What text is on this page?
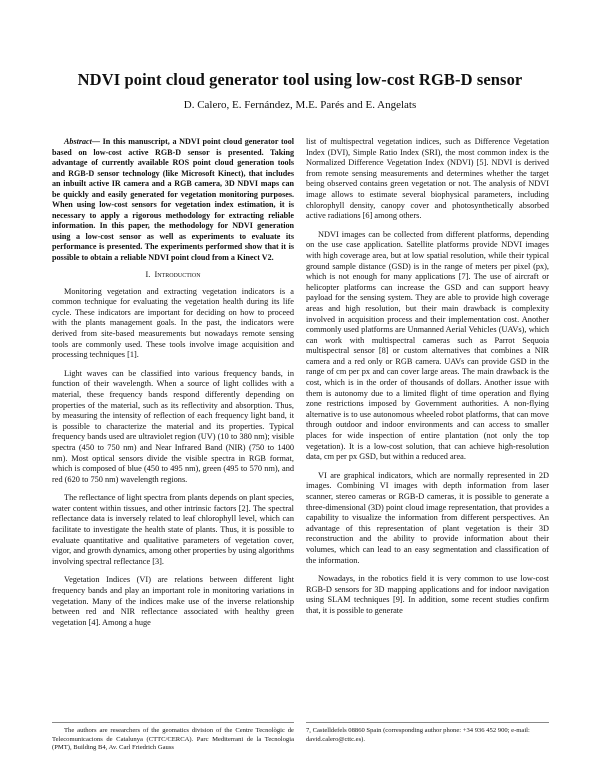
NDVI point cloud generator tool using low-cost RGB-D sensor
D. Calero, E. Fernández, M.E. Parés and E. Angelats
Abstract— In this manuscript, a NDVI point cloud generator tool based on low-cost active RGB-D sensor is presented. Taking advantage of currently available ROS point cloud generation tools and RGB-D sensor technology (like Microsoft Kinect), that includes an inbuilt active IR camera and a RGB camera, 3D NDVI maps can be quickly and easily generated for vegetation monitoring purposes. When using low-cost sensors for vegetation index estimation, it is necessary to apply a rigorous methodology for extracting reliable information. In this paper, the methodology for NDVI generation using a low-cost sensor as well as experiments to evaluate its performance is presented. The experiments performed show that it is possible to obtain a reliable NDVI point cloud from a Kinect V2.
I. Introduction

Monitoring vegetation and extracting vegetation indicators is a common technique for evaluating the vegetation health during its life cycle. These indicators are important for deciding on how to proceed with the plants management goals. In the past, the indicators were derived from site-based measurements but nowadays remote sensing tools are commonly used. These tools involve image acquisition and processing techniques [1].

Light waves can be classified into various frequency bands, in function of their wavelength. When a source of light collides with a material, these frequency bands respond differently depending on properties of the material, such as its reflectivity and absorption. Thus, by measuring the intensity of reflection of each frequency light band, it is possible to characterize the material and its properties. Typical frequency bands used are ultraviolet region (UV) (10 to 380 nm); visible spectra (450 to 750 nm) and Near Infrared Band (NIR) (750 to 1400 nm). Most optical sensors divide the visible spectra in RGB format, which is composed of blue (450 to 495 nm), green (495 to 570 nm), and red (620 to 750 nm) wavelength regions.

The reflectance of light spectra from plants depends on plant species, water content within tissues, and other intrinsic factors [2]. The spectral reflectance data is inversely related to leaf chlorophyll level, which can facilitate to investigate the health state of plants. Thus, it is possible to evaluate quantitative and qualitative parameters of vegetation cover, vigor, and growth dynamics, among other properties by using algorithms involving spectral reflectance [3].

Vegetation Indices (VI) are relations between different light frequency bands and play an important role in monitoring variations in vegetation. Many of the indices make use of the inverse relationship between red and NIR reflectance associated with healthy green vegetation [4]. Among a huge

list of multispectral vegetation indices, such as Difference Vegetation Index (DVI), Simple Ratio Index (SRI), the most common index is the Normalized Difference Vegetation Index (NDVI) [5]. NDVI is derived from remote sensing measurements and determines whether the target being observed contains green vegetation or not. The analysis of NDVI image allows to estimate several biophysical parameters, including chlorophyll density, canopy cover and photosynthetically absorbed active radiations [6] among others.

NDVI images can be collected from different platforms, depending on the use case application. Satellite platforms provide NDVI images with high coverage area, but at low spatial resolution, while their typical ground sample distance (GSD) is in the range of meters per pixel (px), which is not enough for many applications [7]. The use of aircraft or helicopter platforms can increase the GSD and can support heavy payload for the sensing system. They are able to provide high coverage areas and high resolution, but their main drawback is complexity involved in acquisition process and their implementation cost. Another commonly used platforms are Unmanned Aerial Vehicles (UAVs), which can work with multispectral cameras such as Parrot Sequoia multispectral sensor [8] or custom alternatives that combines a NIR camera and a red only or RGB camera. UAVs can provide GSD in the range of cm per px and can cover large areas. The main drawback is the cost, which is in the order of thousands of dollars. Another issue with them is autonomy due to a limited flight of time operation and flying zone restrictions imposed by Government authorities. A non-flying alternative is to use autonomous wheeled robot platforms, that can move through outdoor and indoor environments and can access to smaller places for wide inspection of entire plantation (not only the top vegetation). It is a low-cost solution, that can achieve high-resolution data, cm per px GSD, but within a reduced area.

VI are graphical indicators, which are normally represented in 2D images. Combining VI images with depth information from laser scanner, stereo cameras or RGB-D cameras, it is possible to generate a three-dimensional (3D) point cloud image representation, that provides a capability to visualize the information from different perspectives. An advantage of this representation of plant vegetation is their 3D reconstruction and the ability to provide information about their volumes, which can lead to an easy segmentation and classification of the information.

Nowadays, in the robotics field it is very common to use low-cost RGB-D sensors for 3D mapping applications and for indoor navigation using SLAM techniques [9]. In addition, some recent studies confirm that, it is possible to generate

The authors are researchers of the geomatics division of the Centre Tecnològic de Telecomunicacions de Catalunya (CTTC/CERCA). Parc Mediterrani de la Tecnologia (PMT), Building B4, Av. Carl Friedrich Gauss

7, Castelldefels 08860 Spain (corresponding author phone: +34 936 452 900; e-mail: david.calero@cttc.es).
